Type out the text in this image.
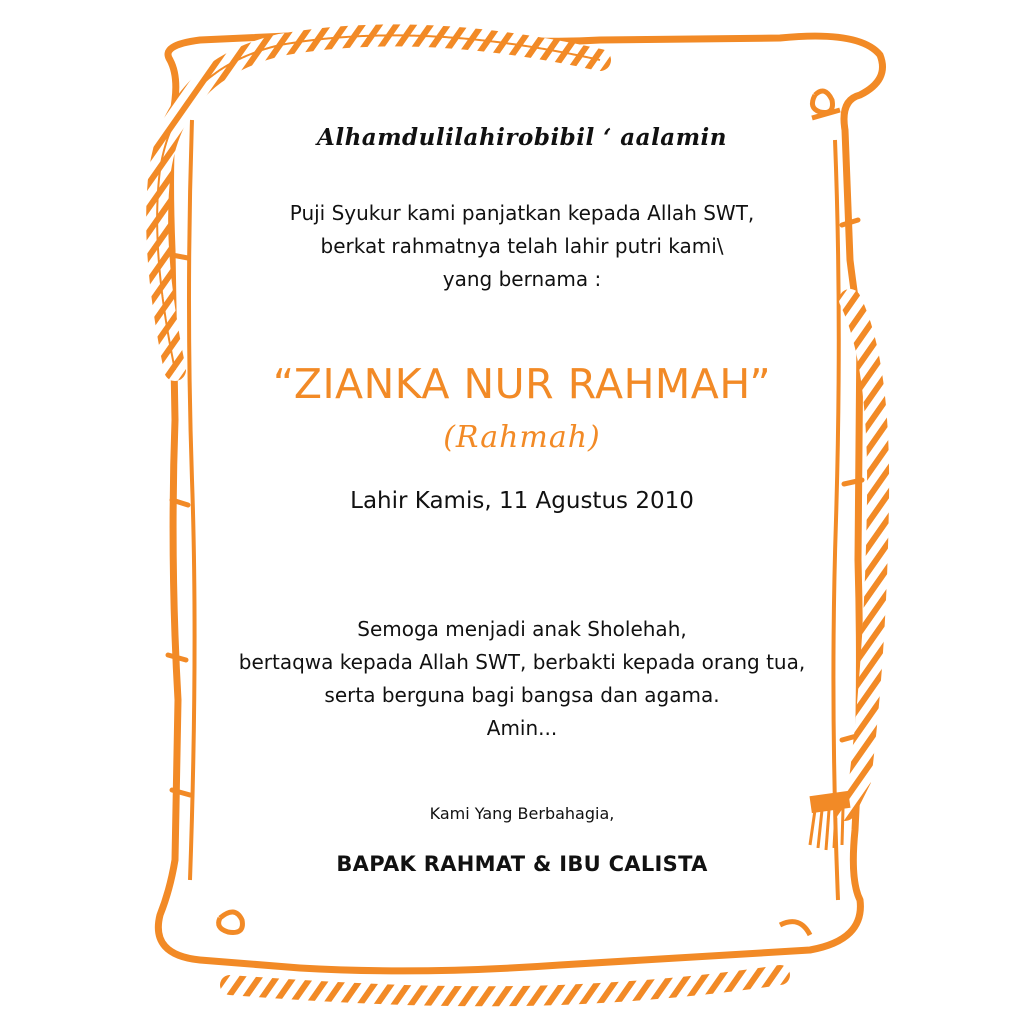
Alhamdulilahirobibil ‘ aalamin
Puji Syukur kami panjatkan kepada Allah SWT,
berkat rahmatnya telah lahir putri kami\
yang bernama :
“ZIANKA NUR RAHMAH”
(Rahmah)
Lahir Kamis, 11 Agustus 2010
Semoga menjadi anak Sholehah,
bertaqwa kepada Allah SWT, berbakti kepada orang tua,
serta berguna bagi bangsa dan agama.
Amin...
Kami Yang Berbahagia,
BAPAK RAHMAT & IBU CALISTA
